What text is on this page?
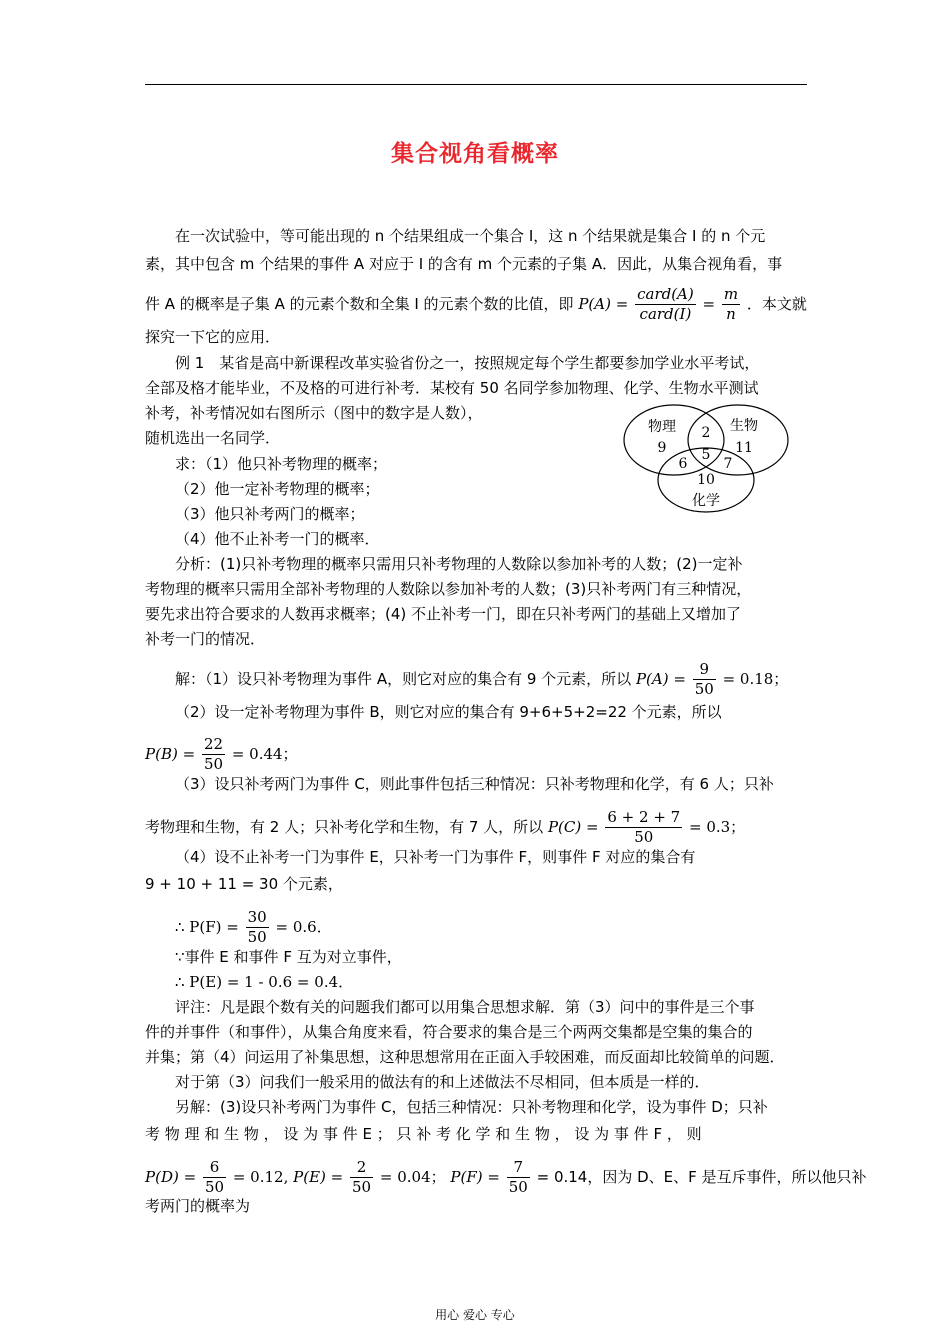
集合视角看概率
在一次试验中，等可能出现的 n 个结果组成一个集合 I，这 n 个结果就是集合 I 的 n 个元
素，其中包含 m 个结果的事件 A 对应于 I 的含有 m 个元素的子集 A．因此，从集合视角看，事
件 A 的概率是子集 A 的元素个数和全集 I 的元素个数的比值，即 $P(A) = \frac{\text{card(A)}}{\text{card(I)}} = \frac{m}{n}$ ．本文就
探究一下它的应用．
例 1　某省是高中新课程改革实验省份之一，按照规定每个学生都要参加学业水平考试，
全部及格才能毕业，不及格的可进行补考．某校有 50 名同学参加物理、化学、生物水平测试
补考，补考情况如右图所示（图中的数字是人数），
随机选出一名同学．
求：（1）他只补考物理的概率；
（2）他一定补考物理的概率；
（3）他只补考两门的概率；
（4）他不止补考一门的概率．
物理	生物
化学
9	11
10
2
6	7
5
分析：(1)只补考物理的概率只需用只补考物理的人数除以参加补考的人数；(2)一定补
考物理的概率只需用全部补考物理的人数除以参加补考的人数；(3)只补考两门有三种情况，
要先求出符合要求的人数再求概率；(4) 不止补考一门，即在只补考两门的基础上又增加了
补考一门的情况．
解：（1）设只补考物理为事件 A，则它对应的集合有 9 个元素，所以 $P(A) = \frac{9}{50} = 0.18$；
（2）设一定补考物理为事件 B，则它对应的集合有 9+6+5+2=22 个元素，所以
$P(B) = \frac{22}{50} = 0.44$；
（3）设只补考两门为事件 C，则此事件包括三种情况：只补考物理和化学，有 6 人；只补
考物理和生物，有 2 人；只补考化学和生物，有 7 人，所以 $P(C) = \frac{6 + 2 + 7}{50} = 0.3$；
（4）设不止补考一门为事件 E，只补考一门为事件 F，则事件 F 对应的集合有
9 + 10 + 11 = 30 个元素，
∴ $P(F) = \frac{30}{50} = 0.6$．
∵事件 E 和事件 F 互为对立事件，
∴ P(E) = 1 - 0.6 = 0.4．
评注：凡是跟个数有关的问题我们都可以用集合思想求解．第（3）问中的事件是三个事
件的并事件（和事件），从集合角度来看，符合要求的集合是三个两两交集都是空集的集合的
并集；第（4）问运用了补集思想，这种思想常用在正面入手较困难，而反面却比较简单的问题．
对于第（3）问我们一般采用的做法有的和上述做法不尽相同，但本质是一样的．
另解：(3)设只补考两门为事件 C，包括三种情况：只补考物理和化学，设为事件 D；只补
考 物 理 和 生 物 ， 设 为 事 件 E ； 只 补 考 化 学 和 生 物 ， 设 为 事 件 F ， 则
$P(D) = \frac{6}{50} = 0.12$, $P(E) = \frac{2}{50} = 0.04$； $P(F) = \frac{7}{50} = 0.14$，因为 D、E、F 是互斥事件，所以他只补
考两门的概率为
用心 爱心 专心
